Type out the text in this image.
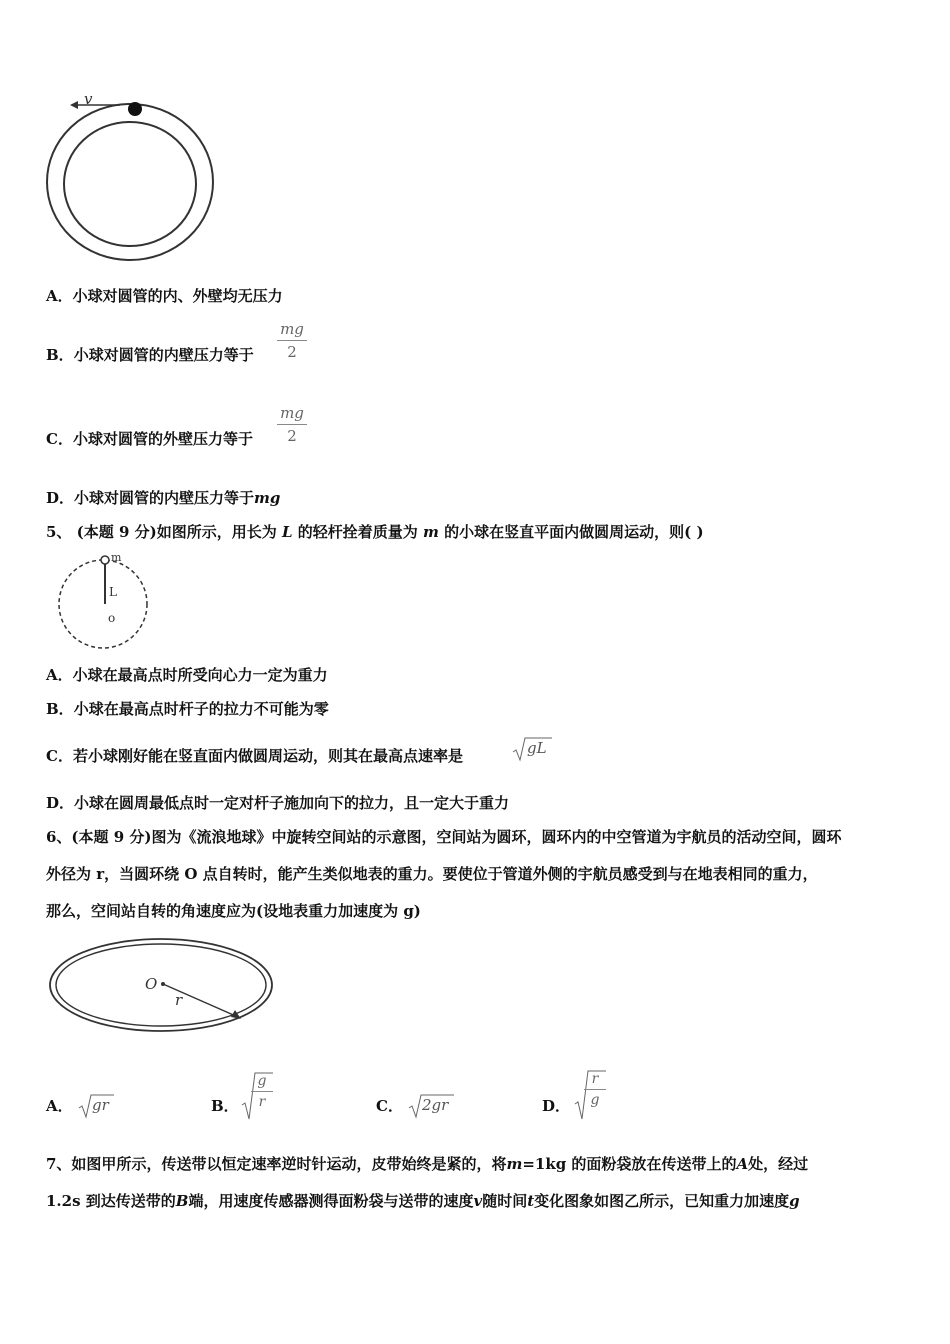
v
A．小球对圆管的内、外壁均无压力
B．小球对圆管的内壁压力等于
mg
2
C．小球对圆管的外壁压力等于
mg
2
D．小球对圆管的内壁压力等于mg
5、 (本题 9 分)如图所示，用长为 L 的轻杆拴着质量为 m 的小球在竖直平面内做圆周运动，则( )
m
L
o
A．小球在最高点时所受向心力一定为重力
B．小球在最高点时杆子的拉力不可能为零
C．若小球刚好能在竖直面内做圆周运动，则其在最高点速率是	gL
D．小球在圆周最低点时一定对杆子施加向下的拉力，且一定大于重力
6、(本题 9 分)图为《流浪地球》中旋转空间站的示意图，空间站为圆环，圆环内的中空管道为宇航员的活动空间，圆环
外径为 r，当圆环绕 O 点自转时，能产生类似地表的重力。要使位于管道外侧的宇航员感受到与在地表相同的重力，
那么，空间站自转的角速度应为(设地表重力加速度为 g)
O
r
A． gr	B．
g
r	C． 2gr	D．
r
g
7、如图甲所示，传送带以恒定速率逆时针运动，皮带始终是紧的，将m=1kg 的面粉袋放在传送带上的A处，经过
1.2s 到达传送带的B端，用速度传感器测得面粉袋与送带的速度v随时间t变化图象如图乙所示，已知重力加速度g
